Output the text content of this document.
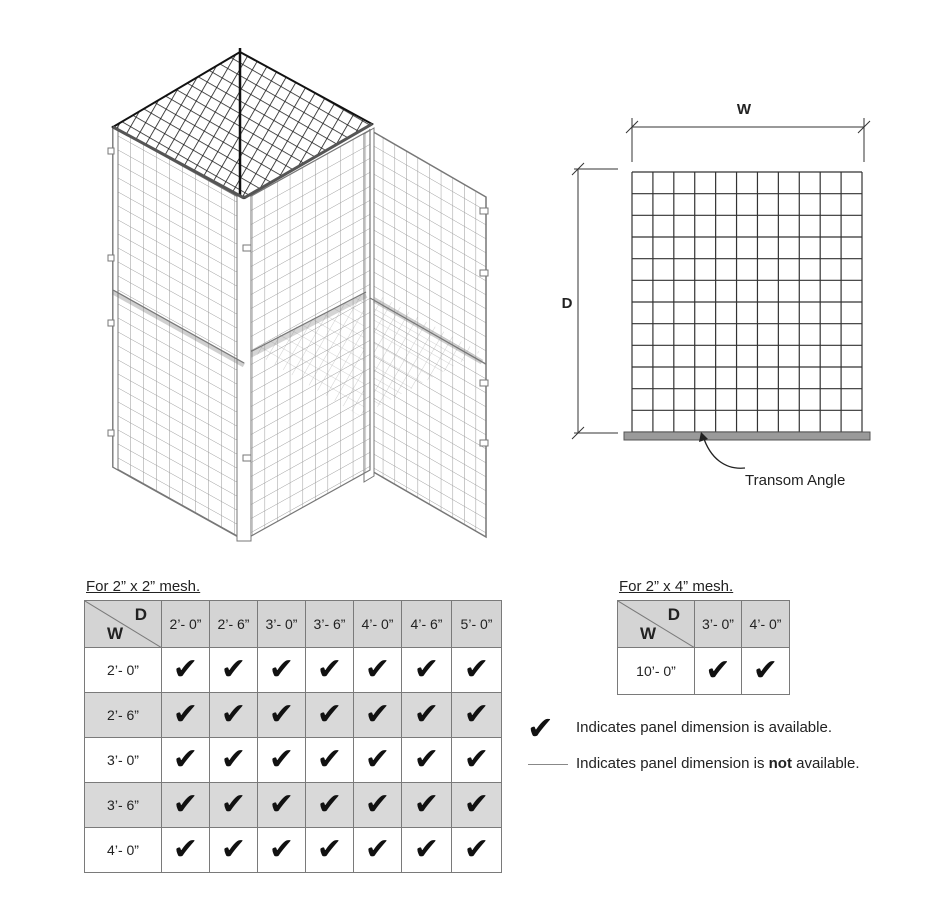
W
D
Transom Angle
For 2” x 2” mesh.
D
W	2’- 0”	2’- 6”	3’- 0”	3’- 6”	4’- 0”	4’- 6”	5’- 0”
2’- 0”	✔	✔	✔	✔	✔	✔	✔
2’- 6”	✔	✔	✔	✔	✔	✔	✔
3’- 0”	✔	✔	✔	✔	✔	✔	✔
3’- 6”	✔	✔	✔	✔	✔	✔	✔
4’- 0”	✔	✔	✔	✔	✔	✔	✔
For 2” x 4” mesh.
D
W	3’- 0”	4’- 0”
10’- 0”	✔	✔
✔ Indicates panel dimension is available.
Indicates panel dimension is not available.
